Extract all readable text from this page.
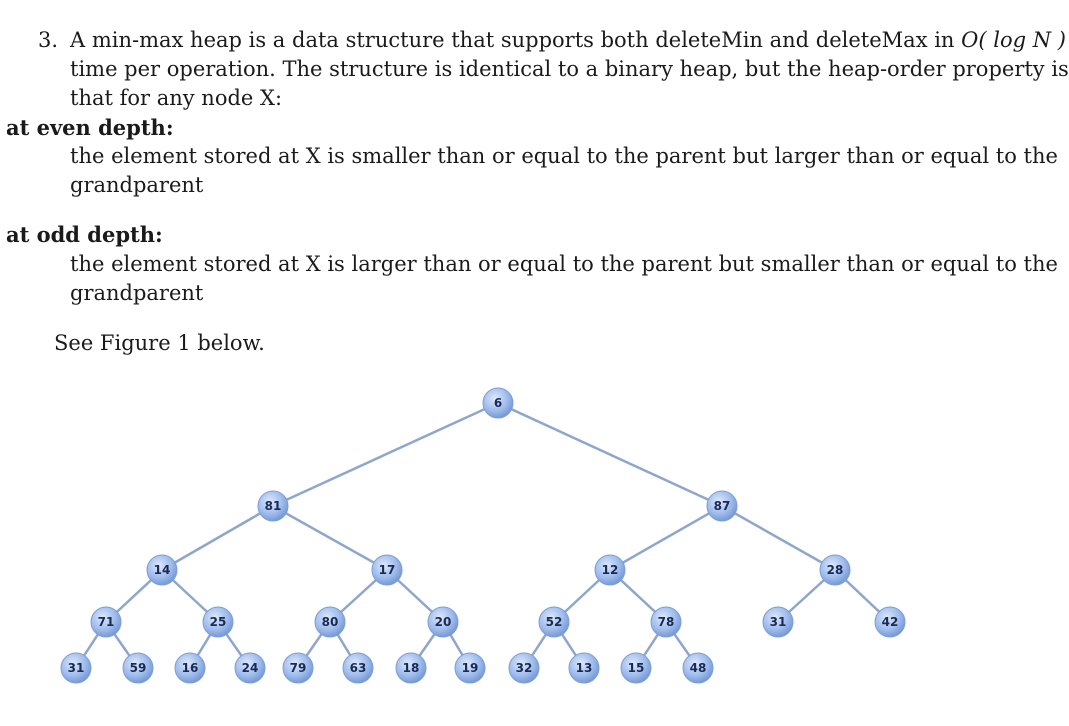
3. A min-max heap is a data structure that supports both deleteMin and deleteMax in O( log N )
time per operation. The structure is identical to a binary heap, but the heap-order property is
that for any node X:
at even depth:
the element stored at X is smaller than or equal to the parent but larger than or equal to the
grandparent
at odd depth:
the element stored at X is larger than or equal to the parent but smaller than or equal to the
grandparent
See Figure 1 below.
6
81	87
14	17	12	28
71	25	80	20	52	78	31	42
31	59	16	24	79	63	18	19	32	13	15	48
